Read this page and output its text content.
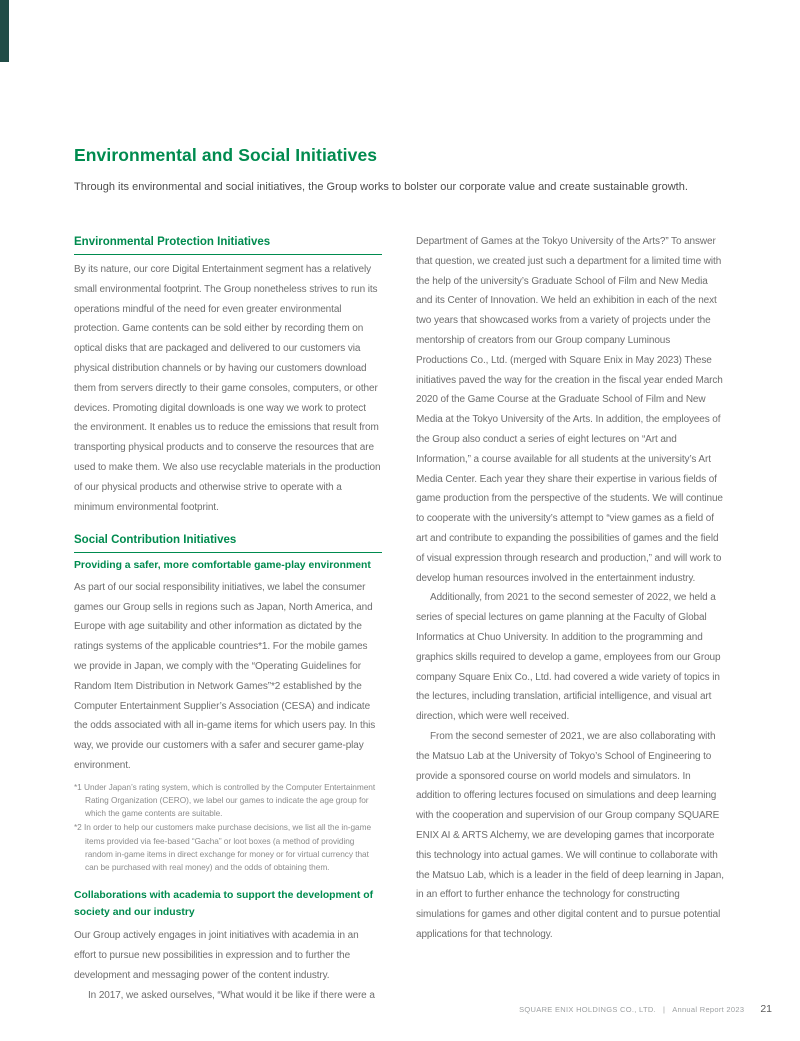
Environmental and Social Initiatives

Through its environmental and social initiatives, the Group works to bolster our corporate value and create sustainable growth.

Environmental Protection Initiatives

By its nature, our core Digital Entertainment segment has a relatively small environmental footprint. The Group nonetheless strives to run its operations mindful of the need for even greater environmental protection. Game contents can be sold either by recording them on optical disks that are packaged and delivered to our customers via physical distribution channels or by having our customers download them from servers directly to their game consoles, computers, or other devices. Promoting digital downloads is one way we work to protect the environment. It enables us to reduce the emissions that result from transporting physical products and to conserve the resources that are used to make them. We also use recyclable materials in the production of our physical products and otherwise strive to operate with a minimum environmental footprint.

Social Contribution Initiatives
Providing a safer, more comfortable game-play environment

As part of our social responsibility initiatives, we label the consumer games our Group sells in regions such as Japan, North America, and Europe with age suitability and other information as dictated by the ratings systems of the applicable countries*1. For the mobile games we provide in Japan, we comply with the “Operating Guidelines for Random Item Distribution in Network Games”*2 established by the Computer Entertainment Supplier’s Association (CESA) and indicate the odds associated with all in-game items for which users pay. In this way, we provide our customers with a safer and securer game-play environment.

*1 Under Japan’s rating system, which is controlled by the Computer Entertainment Rating Organization (CERO), we label our games to indicate the age group for which the game contents are suitable.

*2 In order to help our customers make purchase decisions, we list all the in-game items provided via fee-based “Gacha” or loot boxes (a method of providing random in-game items in direct exchange for money or for virtual currency that can be purchased with real money) and the odds of obtaining them.

Collaborations with academia to support the development of society and our industry

Our Group actively engages in joint initiatives with academia in an effort to pursue new possibilities in expression and to further the development and messaging power of the content industry.

In 2017, we asked ourselves, “What would it be like if there were a

Department of Games at the Tokyo University of the Arts?” To answer that question, we created just such a department for a limited time with the help of the university’s Graduate School of Film and New Media and its Center of Innovation. We held an exhibition in each of the next two years that showcased works from a variety of projects under the mentorship of creators from our Group company Luminous Productions Co., Ltd. (merged with Square Enix in May 2023) These initiatives paved the way for the creation in the fiscal year ended March 2020 of the Game Course at the Graduate School of Film and New Media at the Tokyo University of the Arts. In addition, the employees of the Group also conduct a series of eight lectures on “Art and Information,” a course available for all students at the university’s Art Media Center. Each year they share their expertise in various fields of game production from the perspective of the students. We will continue to cooperate with the university’s attempt to “view games as a field of art and contribute to expanding the possibilities of games and the field of visual expression through research and production,” and will work to develop human resources involved in the entertainment industry.

Additionally, from 2021 to the second semester of 2022, we held a series of special lectures on game planning at the Faculty of Global Informatics at Chuo University. In addition to the programming and graphics skills required to develop a game, employees from our Group company Square Enix Co., Ltd. had covered a wide variety of topics in the lectures, including translation, artificial intelligence, and visual art direction, which were well received.

From the second semester of 2021, we are also collaborating with the Matsuo Lab at the University of Tokyo’s School of Engineering to provide a sponsored course on world models and simulators. In addition to offering lectures focused on simulations and deep learning with the cooperation and supervision of our Group company SQUARE ENIX AI & ARTS Alchemy, we are developing games that incorporate this technology into actual games. We will continue to collaborate with the Matsuo Lab, which is a leader in the field of deep learning in Japan, in an effort to further enhance the technology for constructing simulations for games and other digital content and to pursue potential applications for that technology.

SQUARE ENIX HOLDINGS CO., LTD. | Annual Report 2023 21
